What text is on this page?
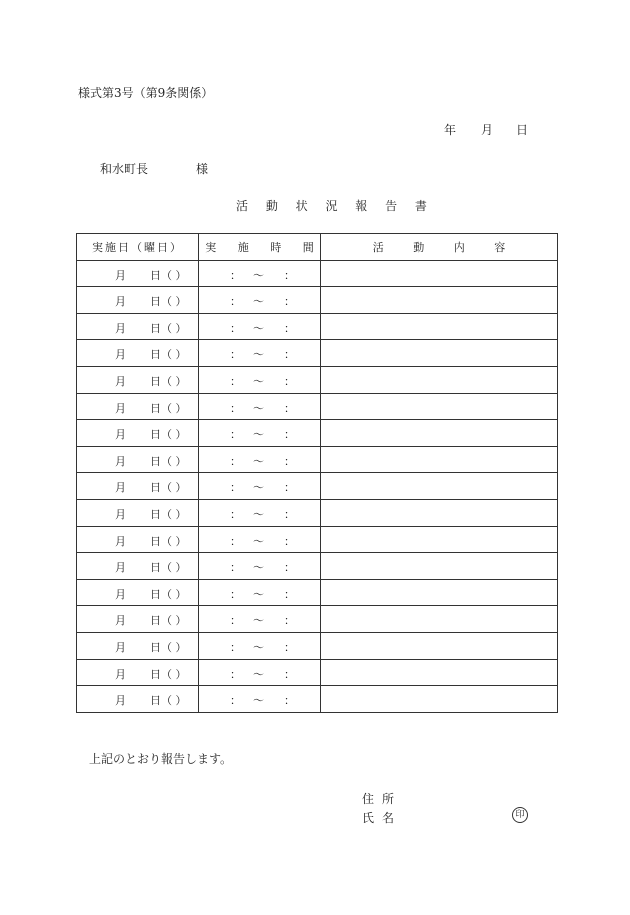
様式第3号（第9条関係）
年 月 日
和水町長	様
活 動 状 況 報 告 書
実施日（曜日）	実 施 時 間	活 動 内 容

月 日（ ）	： 〜 ：	

月 日（ ）	： 〜 ：	

月 日（ ）	： 〜 ：	

月 日（ ）	： 〜 ：	

月 日（ ）	： 〜 ：	

月 日（ ）	： 〜 ：	

月 日（ ）	： 〜 ：	

月 日（ ）	： 〜 ：	

月 日（ ）	： 〜 ：	

月 日（ ）	： 〜 ：	

月 日（ ）	： 〜 ：	

月 日（ ）	： 〜 ：	

月 日（ ）	： 〜 ：	

月 日（ ）	： 〜 ：	

月 日（ ）	： 〜 ：	

月 日（ ）	： 〜 ：	

月 日（ ）	： 〜 ：	

上記のとおり報告します。
住所
氏名	印
